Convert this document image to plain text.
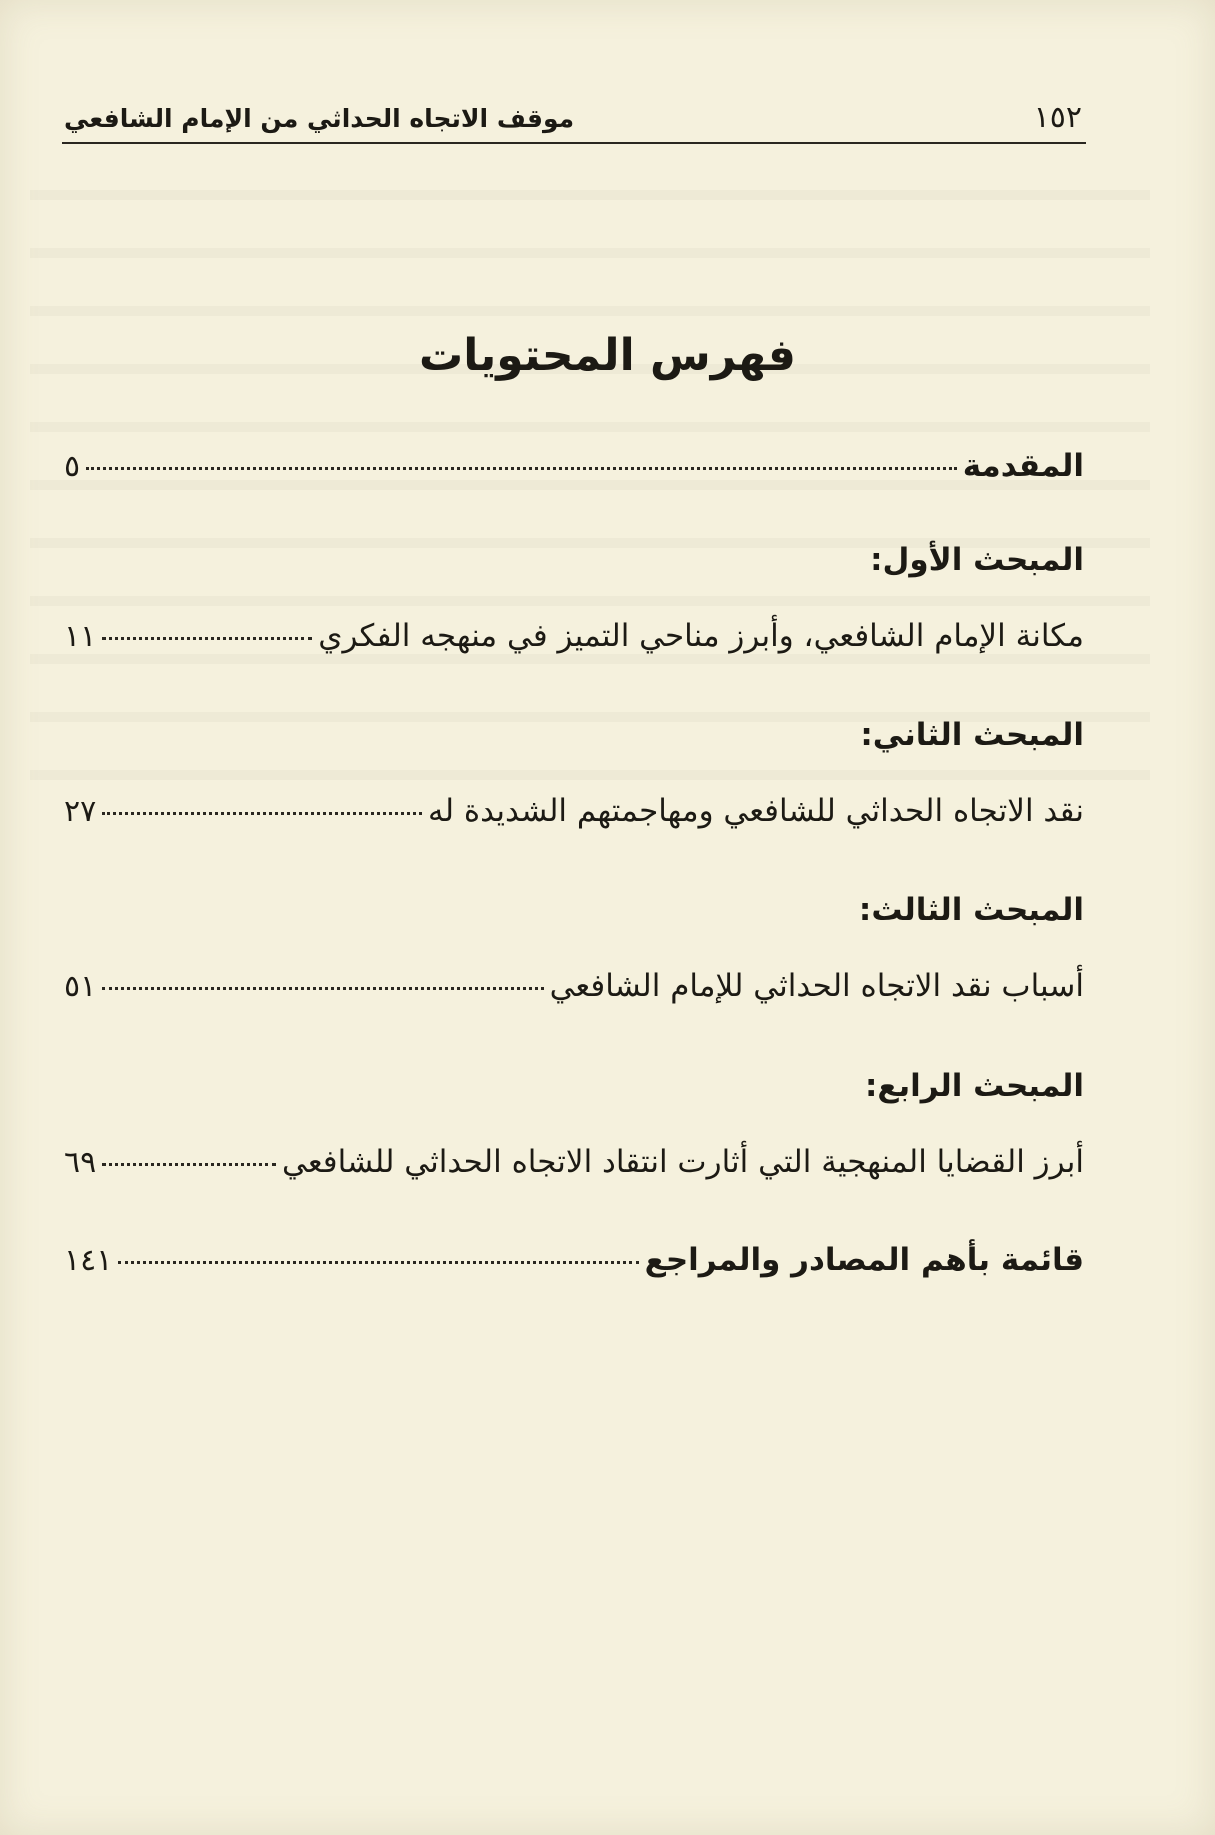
١٥٢
موقف الاتجاه الحداثي من الإمام الشافعي
فهرس المحتويات
المقدمة
٥
المبحث الأول:
مكانة الإمام الشافعي، وأبرز مناحي التميز في منهجه الفكري
١١
المبحث الثاني:
نقد الاتجاه الحداثي للشافعي ومهاجمتهم الشديدة له
٢٧
المبحث الثالث:
أسباب نقد الاتجاه الحداثي للإمام الشافعي
٥١
المبحث الرابع:
أبرز القضايا المنهجية التي أثارت انتقاد الاتجاه الحداثي للشافعي
٦٩
قائمة بأهم المصادر والمراجع
١٤١
